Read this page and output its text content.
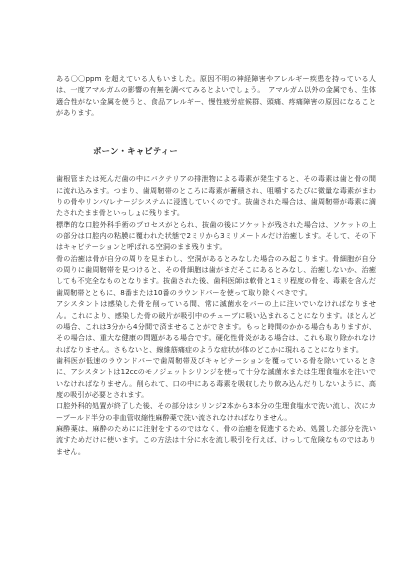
ある〇〇ppm を超えている人もいました。原因不明の神経障害やアレルギー疾患を持っている人は、一度アマルガムの影響の有無を調べてみるとよいでしょう。　アマルガム以外の金属でも、生体適合性がない金属を使うと、食品アレルギー、慢性疲労症候群、頭痛、疼痛障害の原因になることがあります。

ボーン・キャビティー

歯根管または死んだ歯の中にバクテリアの排泄物による毒素が発生すると、その毒素は歯と骨の間に流れ込みます。つまり、歯周靭帯のところに毒素が蓄積され、咀嚼するたびに微量な毒素がまわりの骨やリンパ/レナージシステムに浸透していくのです。抜歯された場合は、歯周靭帯が毒素に満たされたまま骨といっしょに残ります。

標準的な口腔外科手術のプロセスがとられ、抜歯の後にソケットが残された場合は、ソケットの上の部分は口腔内の粘膜に覆われた状態で2ミリから3ミリメートルだけ治癒します。そして、その下はキャビテーションと呼ばれる空洞のまま残ります。

骨の治癒は骨が自分の周りを見まわし、空洞があるとみなした場合のみ起こります。骨細胞が自分の周りに歯周靭帯を見つけると、その骨細胞は歯がまだそこにあるとみなし、治癒しないか、治癒しても不完全なものとなります。抜歯された後、歯科医師は軟骨と1ミリ程度の骨を、毒素を含んだ歯周靭帯とともに、8番または10番のラウンドバーを使って取り除くべきです。

アシスタントは感染した骨を削っている間、常に滅菌水をバーの上に注いでいなければなりません。これにより、感染した骨の破片が吸引中のチューブに吸い込まれることになります。ほとんどの場合、これは3分から4分間で済ませることができます。もっと時間のかかる場合もありますが、その場合は、重大な健康の問題がある場合です。硬化性骨炎がある場合は、これも取り除かれなければなりません。さもないと、線維筋痛症のような症状が体のどこかに現れることになります。

歯科医が低速のラウンドバーで歯周靭帯及びキャビテーションを覆っている骨を除いているときに、アシスタントは12ccのモノジェットシリンジを使って十分な滅菌水または生理食塩水を注いでいなければなりません。削られて、口の中にある毒素を吸収したり飲み込んだりしないように、高度の吸引が必要とされます。

口腔外科的処置が終了した後、その部分はシリンジ2本から3本分の生理食塩水で洗い流し、次にカーブールド半分の非血管収縮性麻酔薬で洗い流されなければなりません。

麻酔薬は、麻酔のためにに注射をするのではなく、骨の治癒を促進するため、処置した部分を洗い流すためだけに使います。この方法は十分に水を流し吸引を行えば、けっして危険なものではありません。
